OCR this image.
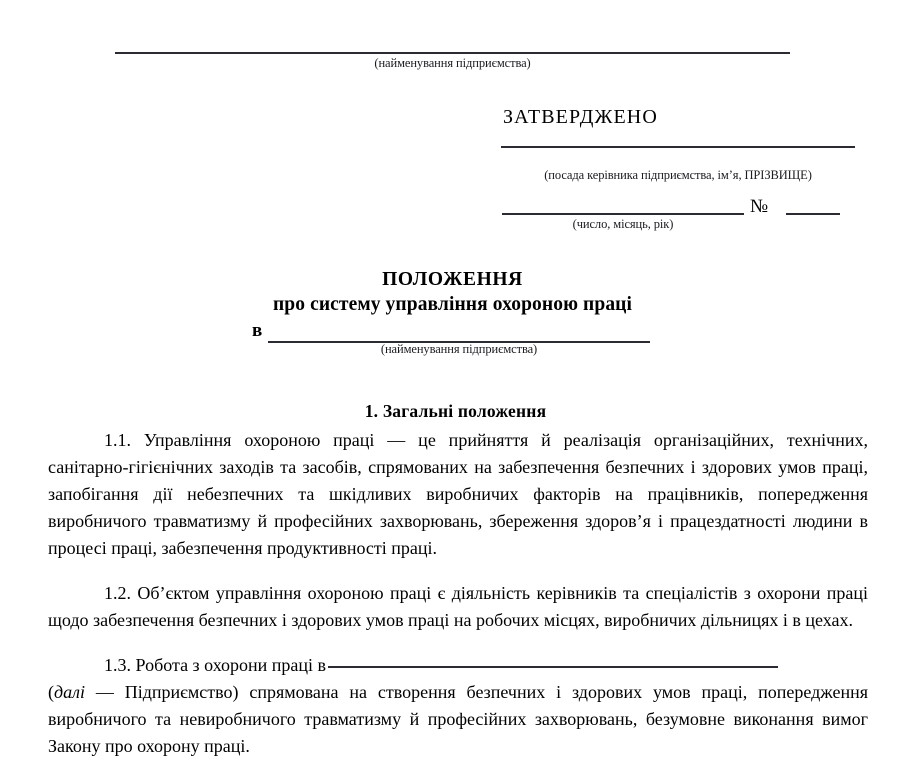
(найменування підприємства)
ЗАТВЕРДЖЕНО
(посада керівника підприємства, ім’я, ПРІЗВИЩЕ)
№
(число, місяць, рік)
ПОЛОЖЕННЯ
про систему управління охороною праці
в
(найменування підприємства)
1. Загальні положення

1.1. Управління охороною праці — це прийняття й реалізація організаційних, технічних, санітарно-гігієнічних заходів та засобів, спрямованих на забезпечення безпечних і здорових умов праці, запобігання дії небезпечних та шкідливих виробничих факторів на працівників, попередження виробничого травматизму й професійних захворювань, збереження здоров’я і працездатності людини в процесі праці, забезпечення продуктивності праці.

1.2. Об’єктом управління охороною праці є діяльність керівників та спеціалістів з охорони праці щодо забезпечення безпечних і здорових умов праці на робочих місцях, виробничих дільницях і в цехах.

1.3. Робота з охорони праці в

(далі — Підприємство) спрямована на створення безпечних і здорових умов праці, попередження виробничого та невиробничого травматизму й професійних захворювань, безумовне виконання вимог Закону про охорону праці.
